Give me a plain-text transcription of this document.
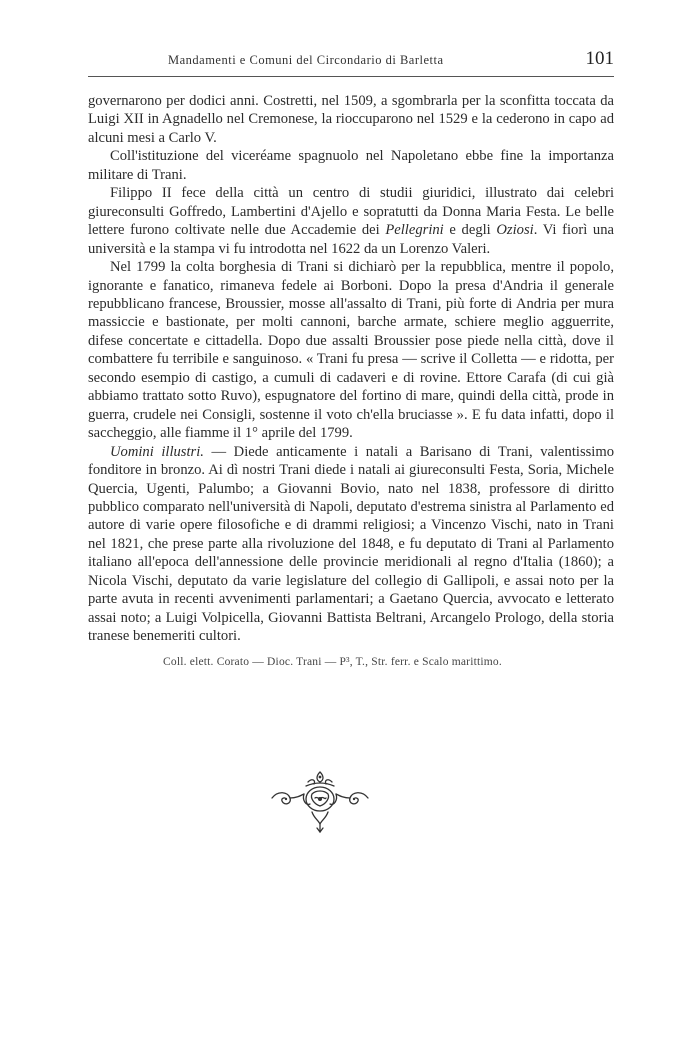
Mandamenti e Comuni del Circondario di Barletta	101

governarono per dodici anni. Costretti, nel 1509, a sgombrarla per la sconfitta toccata da Luigi XII in Agnadello nel Cremonese, la rioccuparono nel 1529 e la cederono in capo ad alcuni mesi a Carlo V.

Coll'istituzione del viceréame spagnuolo nel Napoletano ebbe fine la importanza militare di Trani.

Filippo II fece della città un centro di studii giuridici, illustrato dai celebri giureconsulti Goffredo, Lambertini d'Ajello e sopratutti da Donna Maria Festa. Le belle lettere furono coltivate nelle due Accademie dei Pellegrini e degli Oziosi. Vi fiorì una università e la stampa vi fu introdotta nel 1622 da un Lorenzo Valeri.

Nel 1799 la colta borghesia di Trani si dichiarò per la repubblica, mentre il popolo, ignorante e fanatico, rimaneva fedele ai Borboni. Dopo la presa d'Andria il generale repubblicano francese, Broussier, mosse all'assalto di Trani, più forte di Andria per mura massiccie e bastionate, per molti cannoni, barche armate, schiere meglio agguerrite, difese concertate e cittadella. Dopo due assalti Broussier pose piede nella città, dove il combattere fu terribile e sanguinoso. « Trani fu presa — scrive il Colletta — e ridotta, per secondo esempio di castigo, a cumuli di cadaveri e di rovine. Ettore Carafa (di cui già abbiamo trattato sotto Ruvo), espugnatore del fortino di mare, quindi della città, prode in guerra, crudele nei Consigli, sostenne il voto ch'ella bruciasse ». E fu data infatti, dopo il saccheggio, alle fiamme il 1° aprile del 1799.

Uomini illustri. — Diede anticamente i natali a Barisano di Trani, valentissimo fonditore in bronzo. Ai dì nostri Trani diede i natali ai giureconsulti Festa, Soria, Michele Quercia, Ugenti, Palumbo; a Giovanni Bovio, nato nel 1838, professore di diritto pubblico comparato nell'università di Napoli, deputato d'estrema sinistra al Parlamento ed autore di varie opere filosofiche e di drammi religiosi; a Vincenzo Vischi, nato in Trani nel 1821, che prese parte alla rivoluzione del 1848, e fu deputato di Trani al Parlamento italiano all'epoca dell'annessione delle provincie meridionali al regno d'Italia (1860); a Nicola Vischi, deputato da varie legislature del collegio di Gallipoli, e assai noto per la parte avuta in recenti avvenimenti parlamentari; a Gaetano Quercia, avvocato e letterato assai noto; a Luigi Volpicella, Giovanni Battista Beltrani, Arcangelo Prologo, della storia tranese benemeriti cultori.

Coll. elett. Corato — Dioc. Trani — P³, T., Str. ferr. e Scalo marittimo.
